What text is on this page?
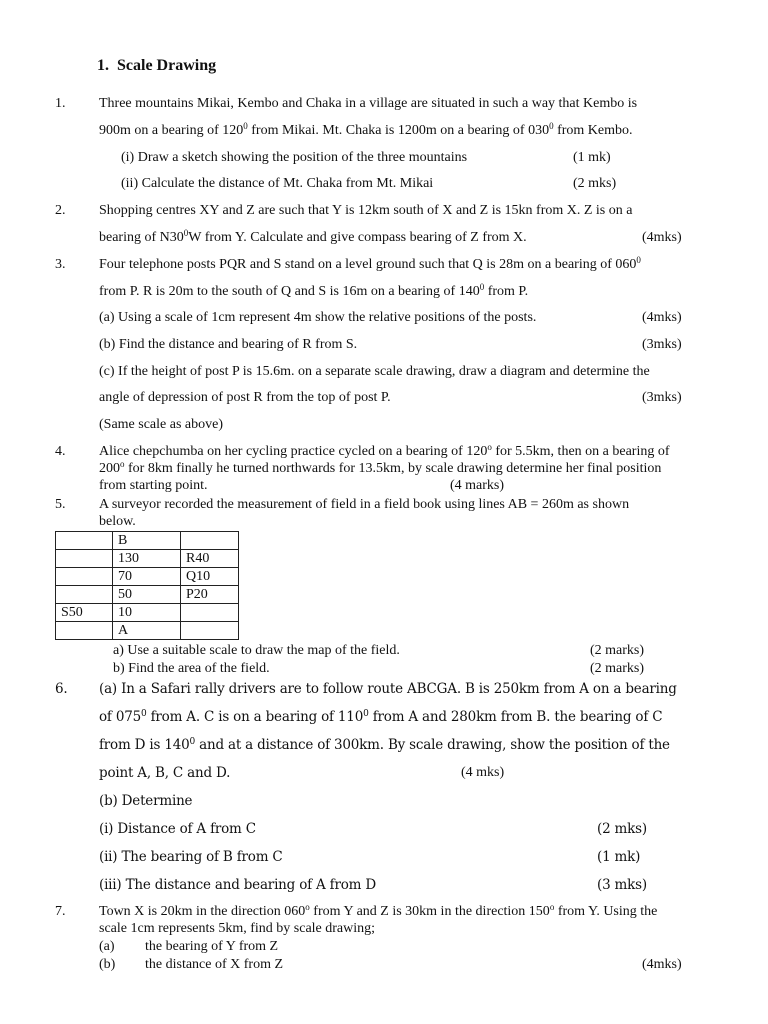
1. Scale Drawing
1. Three mountains Mikai, Kembo and Chaka in a village are situated in such a way that Kembo is
900m on a bearing of $120^0$ from Mikai. Mt. Chaka is 1200m on a bearing of $030^0$ from Kembo.
(i) Draw a sketch showing the position of the three mountains	(1 mk)
(ii) Calculate the distance of Mt. Chaka from Mt. Mikai	(2 mks)
2. Shopping centres XY and Z are such that Y is 12km south of X and Z is 15kn from X. Z is on a
bearing of $N30^0W$ from Y. Calculate and give compass bearing of Z from X.	(4mks)
3. Four telephone posts PQR and S stand on a level ground such that Q is 28m on a bearing of $060^0$
from P. R is 20m to the south of Q and S is 16m on a bearing of $140^0$ from P.
(a) Using a scale of 1cm represent 4m show the relative positions of the posts.	(4mks)
(b) Find the distance and bearing of R from S.	(3mks)
(c) If the height of post P is 15.6m. on a separate scale drawing, draw a diagram and determine the
angle of depression of post R from the top of post P.	(3mks)
(Same scale as above)
4. Alice chepchumba on her cycling practice cycled on a bearing of 120$^o$ for 5.5km, then on a bearing of
200$^o$ for 8km finally he turned northwards for 13.5km, by scale drawing determine her final position
from starting point.	(4 marks)
5. A surveyor recorded the measurement of field in a field book using lines AB = 260m as shown
below.
	B	
	130	R40
	70	Q10
	50	P20
S50	10	
	A	
a) Use a suitable scale to draw the map of the field.	(2 marks)
b) Find the area of the field.	(2 marks)
6. (a) In a Safari rally drivers are to follow route ABCGA. B is 250km from A on a bearing
of $075^0$ from A. C is on a bearing of $110^0$ from A and 280km from B. the bearing of C
from D is $140^0$ and at a distance of 300km. By scale drawing, show the position of the
point A, B, C and D.	(4 mks)
(b) Determine
(i) Distance of A from C	(2 mks)
(ii) The bearing of B from C	(1 mk)
(iii) The distance and bearing of A from D	(3 mks)
7. Town X is 20km in the direction 060$^o$ from Y and Z is 30km in the direction 150$^o$ from Y. Using the
scale 1cm represents 5km, find by scale drawing;
(a) the bearing of Y from Z
(b) the distance of X from Z	(4mks)
